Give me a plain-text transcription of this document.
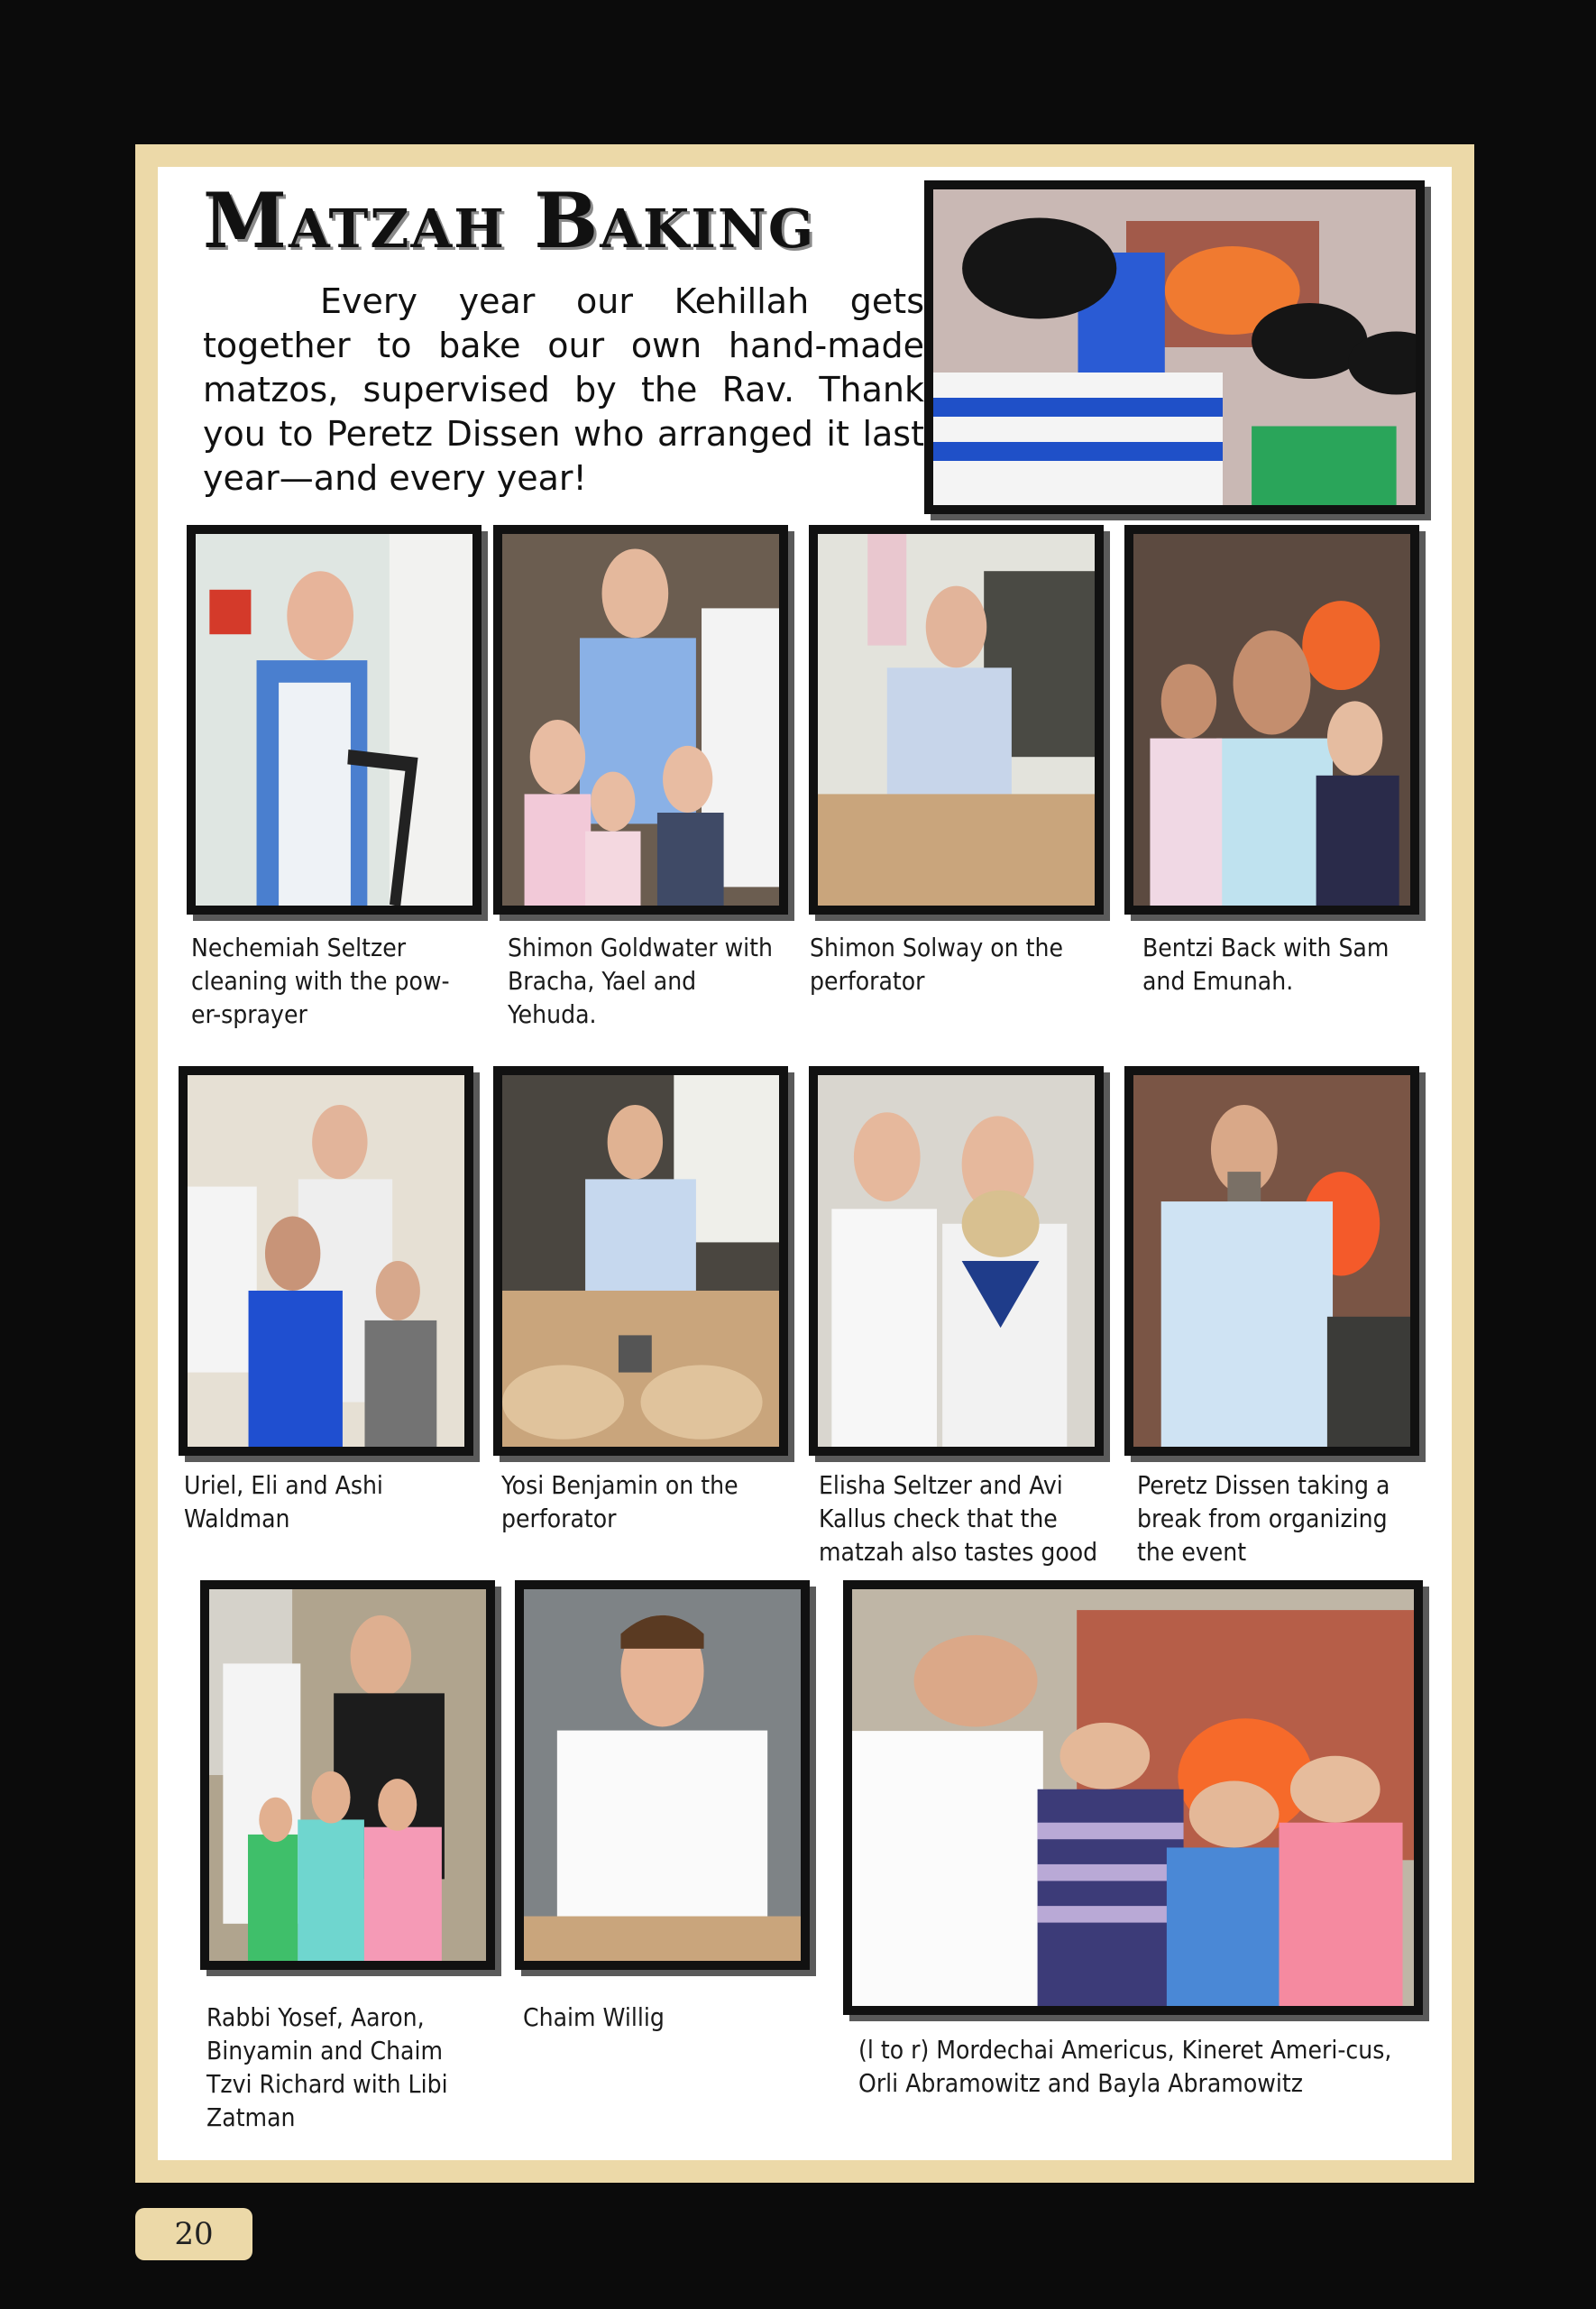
Matzah Baking

Every year our Kehillah gets together to bake our own hand-made matzos, supervised by the Rav. Thank you to Peretz Dissen who arranged it last year—and every year!

Nechemiah Seltzer cleaning with the pow-er-sprayer

Shimon Goldwater with Bracha, Yael and Yehuda.

Shimon Solway on the perforator

Bentzi Back with Sam and Emunah.

Uriel, Eli and Ashi Waldman

Yosi Benjamin on the perforator

Elisha Seltzer and Avi Kallus check that the matzah also tastes good

Peretz Dissen taking a break from organizing the event

Rabbi Yosef, Aaron, Binyamin and Chaim Tzvi Richard with Libi Zatman

Chaim Willig

(l to r) Mordechai Americus, Kineret Ameri-cus, Orli Abramowitz and Bayla Abramowitz

20
